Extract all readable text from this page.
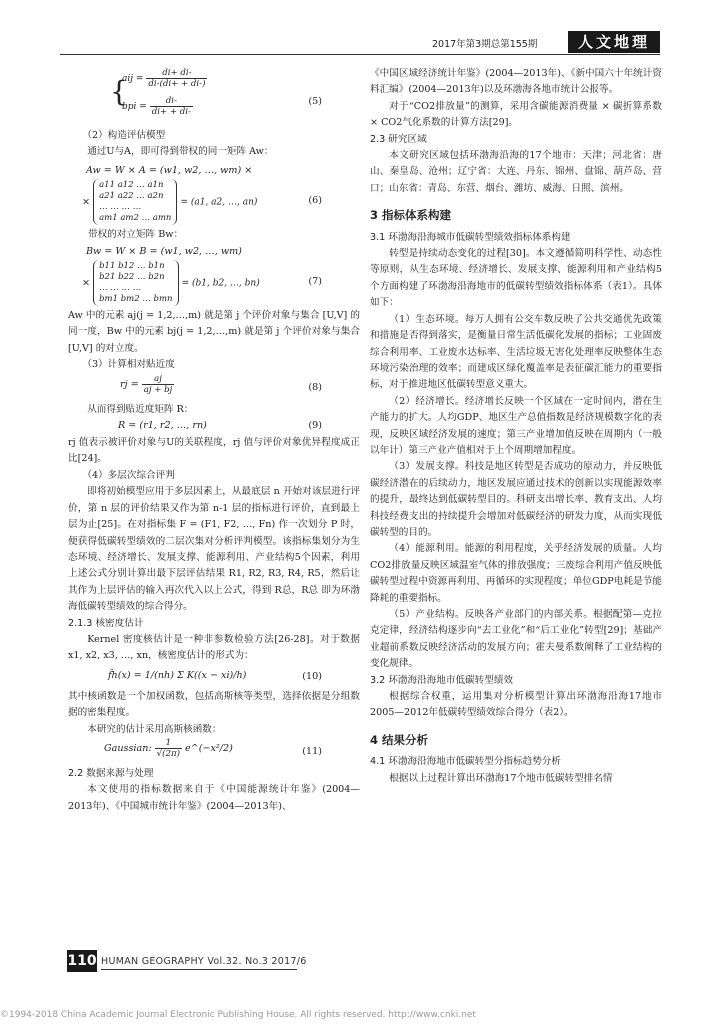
2017年第3期总第155期	人文地理
{
aij = $\frac{di+ di-}{di-(di+ + di-)}$
bpi = $\frac{di-}{di+ + di-}$	(5)
（2）构造评估模型
通过U与A，即可得到带权的同一矩阵 Aw：
Aw = W × A = (w1, w2, …, wm) ×
×
a11 a12 … a1n
a21 a22 … a2n
… … … …
am1 am2 … amn
= (a1, a2, …, an)	(6)
带权的对立矩阵 Bw：
Bw = W × B = (w1, w2, …, wm)
×
b11 b12 … b1n
b21 b22 … b2n
… … … …
bm1 bm2 … bmn
= (b1, b2, …, bn)	(7)
Aw 中的元素 aj(j = 1,2,…,m) 就是第 j 个评价对象与集合 [U,V] 的同一度，Bw 中的元素 bj(j = 1,2,…,m) 就是第 j 个评价对象与集合 [U,V] 的对立度。
（3）计算相对贴近度
rj = $\frac{aj}{aj + bj}$	(8)
从而得到贴近度矩阵 R：
R = (r1, r2, …, rn)	(9)
rj 值表示被评价对象与U的关联程度，rj 值与评价对象优异程度成正比[24]。
（4）多层次综合评判
即将初始模型应用于多层因素上，从最底层 n 开始对该层进行评价，第 n 层的评价结果又作为第 n-1 层的指标进行评价，直到最上层为止[25]。在对指标集 F = (F1, F2, …, Fn) 作一次划分 P 时，便获得低碳转型绩效的二层次集对分析评判模型。该指标集划分为生态环境、经济增长、发展支撑、能源利用、产业结构5个因素，利用上述公式分别计算出最下层评估结果 R1, R2, R3, R4, R5，然后让其作为上层评估的输入再次代入以上公式，得到 R总，R总 即为环渤海低碳转型绩效的综合得分。
2.1.3 核密度估计
Kernel 密度核估计是一种非参数检验方法[26-28]。对于数据 x1, x2, x3, …, xn，核密度估计的形式为：
f̂h(x) = 1/(nh) Σ K((x − xi)/h)	(10)
其中核函数是一个加权函数，包括高斯核等类型，选择依据是分组数据的密集程度。
本研究的估计采用高斯核函数：
Gaussian: $\frac{1}{√(2\pi)}$ e^(−x²/2)	(11)
2.2 数据来源与处理
本文使用的指标数据来自于《中国能源统计年鉴》(2004—2013年)、《中国城市统计年鉴》(2004—2013年)、
《中国区域经济统计年鉴》(2004—2013年)、《新中国六十年统计资料汇编》(2004—2013年)以及环渤海各地市统计公报等。
对于“CO2排放量”的测算，采用含碳能源消费量 × 碳折算系数 × CO2气化系数的计算方法[29]。
2.3 研究区域
本文研究区域包括环渤海沿海的17个地市：天津；河北省：唐山、秦皇岛、沧州；辽宁省：大连、丹东、锦州、盘锦、葫芦岛、营口；山东省：青岛、东营、烟台、潍坊、威海、日照、滨州。
3 指标体系构建
3.1 环渤海沿海城市低碳转型绩效指标体系构建
转型是持续动态变化的过程[30]。本文遵循简明科学性、动态性等原则，从生态环境、经济增长、发展支撑、能源利用和产业结构5个方面构建了环渤海沿海地市的低碳转型绩效指标体系（表1）。具体如下：
（1）生态环境。每万人拥有公交车数反映了公共交通优先政策和措施是否得到落实，是衡量日常生活低碳化发展的指标；工业固废综合利用率、工业废水达标率、生活垃圾无害化处理率反映整体生态环境污染治理的效率；而建成区绿化覆盖率是表征碳汇能力的重要指标，对于推进地区低碳转型意义重大。
（2）经济增长。经济增长反映一个区域在一定时间内，潜在生产能力的扩大。人均GDP、地区生产总值指数是经济规模数字化的表现，反映区域经济发展的速度；第三产业增加值反映在周期内（一般以年计）第三产业产值相对于上个周期增加程度。
（3）发展支撑。科技是地区转型是否成功的原动力，并反映低碳经济潜在的后续动力，地区发展应通过技术的创新以实现能源效率的提升，最终达到低碳转型目的。科研支出增长率、教育支出、人均科技经费支出的持续提升会增加对低碳经济的研发力度，从而实现低碳转型的目的。
（4）能源利用。能源的利用程度，关乎经济发展的质量。人均CO2排放量反映区域温室气体的排放强度；三废综合利用产值反映低碳转型过程中资源再利用、再循环的实现程度；单位GDP电耗是节能降耗的重要指标。
（5）产业结构。反映各产业部门的内部关系。根据配第—克拉克定律，经济结构逐步向“去工业化”和“后工业化”转型[29]；基础产业超前系数反映经济活动的发展方向；霍夫曼系数阐释了工业结构的变化规律。
3.2 环渤海沿海地市低碳转型绩效
根据综合权重，运用集对分析模型计算出环渤海沿海17地市2005—2012年低碳转型绩效综合得分（表2）。
4 结果分析
4.1 环渤海沿海地市低碳转型分指标趋势分析
根据以上过程计算出环渤海17个地市低碳转型排名情
110 HUMAN GEOGRAPHY Vol.32. No.3 2017/6
©1994-2018 China Academic Journal Electronic Publishing House. All rights reserved. http://www.cnki.net
